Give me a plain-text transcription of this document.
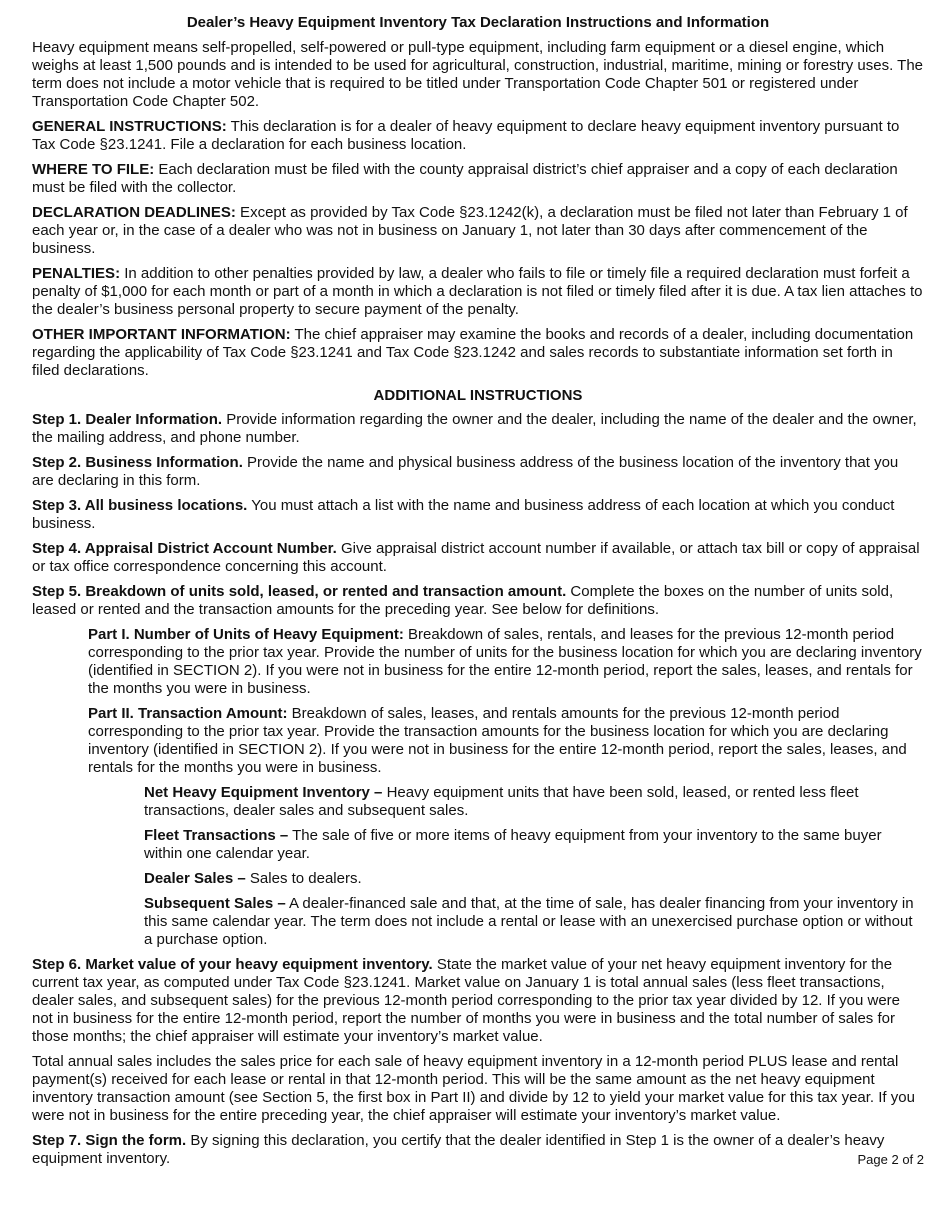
Dealer’s Heavy Equipment Inventory Tax Declaration Instructions and Information
Heavy equipment means self-propelled, self-powered or pull-type equipment, including farm equipment or a diesel engine, which weighs at least 1,500 pounds and is intended to be used for agricultural, construction, industrial, maritime, mining or forestry uses. The term does not include a motor vehicle that is required to be titled under Transportation Code Chapter 501 or registered under Transportation Code Chapter 502.
GENERAL INSTRUCTIONS: This declaration is for a dealer of heavy equipment to declare heavy equipment inventory pursuant to Tax Code §23.1241. File a declaration for each business location.
WHERE TO FILE: Each declaration must be filed with the county appraisal district’s chief appraiser and a copy of each declaration must be filed with the collector.
DECLARATION DEADLINES: Except as provided by Tax Code §23.1242(k), a declaration must be filed not later than February 1 of each year or, in the case of a dealer who was not in business on January 1, not later than 30 days after commencement of the business.
PENALTIES: In addition to other penalties provided by law, a dealer who fails to file or timely file a required declaration must forfeit a penalty of $1,000 for each month or part of a month in which a declaration is not filed or timely filed after it is due. A tax lien attaches to the dealer’s business personal property to secure payment of the penalty.
OTHER IMPORTANT INFORMATION: The chief appraiser may examine the books and records of a dealer, including documentation regarding the applicability of Tax Code §23.1241 and Tax Code §23.1242 and sales records to substantiate information set forth in filed declarations.
ADDITIONAL INSTRUCTIONS
Step 1. Dealer Information. Provide information regarding the owner and the dealer, including the name of the dealer and the owner, the mailing address, and phone number.
Step 2. Business Information. Provide the name and physical business address of the business location of the inventory that you are declaring in this form.
Step 3. All business locations. You must attach a list with the name and business address of each location at which you conduct business.
Step 4. Appraisal District Account Number. Give appraisal district account number if available, or attach tax bill or copy of appraisal or tax office correspondence concerning this account.
Step 5. Breakdown of units sold, leased, or rented and transaction amount. Complete the boxes on the number of units sold, leased or rented and the transaction amounts for the preceding year. See below for definitions.
Part I. Number of Units of Heavy Equipment: Breakdown of sales, rentals, and leases for the previous 12-month period corresponding to the prior tax year. Provide the number of units for the business location for which you are declaring inventory (identified in SECTION 2). If you were not in business for the entire 12-month period, report the sales, leases, and rentals for the months you were in business.
Part II. Transaction Amount: Breakdown of sales, leases, and rentals amounts for the previous 12-month period corresponding to the prior tax year. Provide the transaction amounts for the business location for which you are declaring inventory (identified in SECTION 2). If you were not in business for the entire 12-month period, report the sales, leases, and rentals for the months you were in business.
Net Heavy Equipment Inventory – Heavy equipment units that have been sold, leased, or rented less fleet transactions, dealer sales and subsequent sales.
Fleet Transactions – The sale of five or more items of heavy equipment from your inventory to the same buyer within one calendar year.
Dealer Sales – Sales to dealers.
Subsequent Sales – A dealer-financed sale and that, at the time of sale, has dealer financing from your inventory in this same calendar year. The term does not include a rental or lease with an unexercised purchase option or without a purchase option.
Step 6. Market value of your heavy equipment inventory. State the market value of your net heavy equipment inventory for the current tax year, as computed under Tax Code §23.1241. Market value on January 1 is total annual sales (less fleet transactions, dealer sales, and subsequent sales) for the previous 12-month period corresponding to the prior tax year divided by 12. If you were not in business for the entire 12-month period, report the number of months you were in business and the total number of sales for those months; the chief appraiser will estimate your inventory’s market value.
Total annual sales includes the sales price for each sale of heavy equipment inventory in a 12-month period PLUS lease and rental payment(s) received for each lease or rental in that 12-month period. This will be the same amount as the net heavy equipment inventory transaction amount (see Section 5, the first box in Part II) and divide by 12 to yield your market value for this tax year. If you were not in business for the entire preceding year, the chief appraiser will estimate your inventory’s market value.
Step 7. Sign the form. By signing this declaration, you certify that the dealer identified in Step 1 is the owner of a dealer’s heavy equipment inventory.	Page 2 of 2
